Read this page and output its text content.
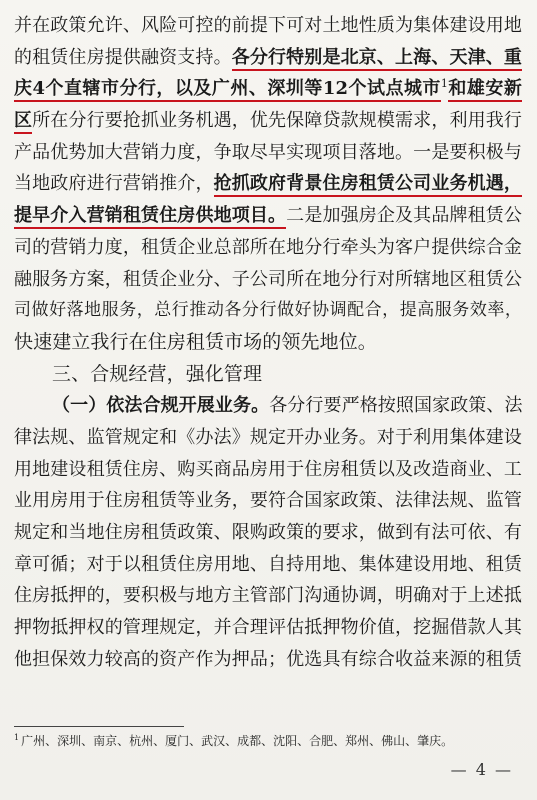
并在政策允许、风险可控的前提下可对土地性质为集体建设用地
的租赁住房提供融资支持。各分行特别是北京、上海、天津、重
庆4个直辖市分行，以及广州、深圳等12个试点城市$^1$和雄安新
区所在分行要抢抓业务机遇，优先保障贷款规模需求，利用我行
产品优势加大营销力度，争取尽早实现项目落地。一是要积极与
当地政府进行营销推介，抢抓政府背景住房租赁公司业务机遇，
提早介入营销租赁住房供地项目。二是加强房企及其品牌租赁公
司的营销力度，租赁企业总部所在地分行牵头为客户提供综合金
融服务方案，租赁企业分、子公司所在地分行对所辖地区租赁公
司做好落地服务，总行推动各分行做好协调配合，提高服务效率，
快速建立我行在住房租赁市场的领先地位。
三、合规经营，强化管理
（一）依法合规开展业务。各分行要严格按照国家政策、法
律法规、监管规定和《办法》规定开办业务。对于利用集体建设
用地建设租赁住房、购买商品房用于住房租赁以及改造商业、工
业用房用于住房租赁等业务，要符合国家政策、法律法规、监管
规定和当地住房租赁政策、限购政策的要求，做到有法可依、有
章可循；对于以租赁住房用地、自持用地、集体建设用地、租赁
住房抵押的，要积极与地方主管部门沟通协调，明确对于上述抵
押物抵押权的管理规定，并合理评估抵押物价值，挖掘借款人其
他担保效力较高的资产作为押品；优选具有综合收益来源的租赁
$^1$ 广州、深圳、南京、杭州、厦门、武汉、成都、沈阳、合肥、郑州、佛山、肇庆。
— 4 —
